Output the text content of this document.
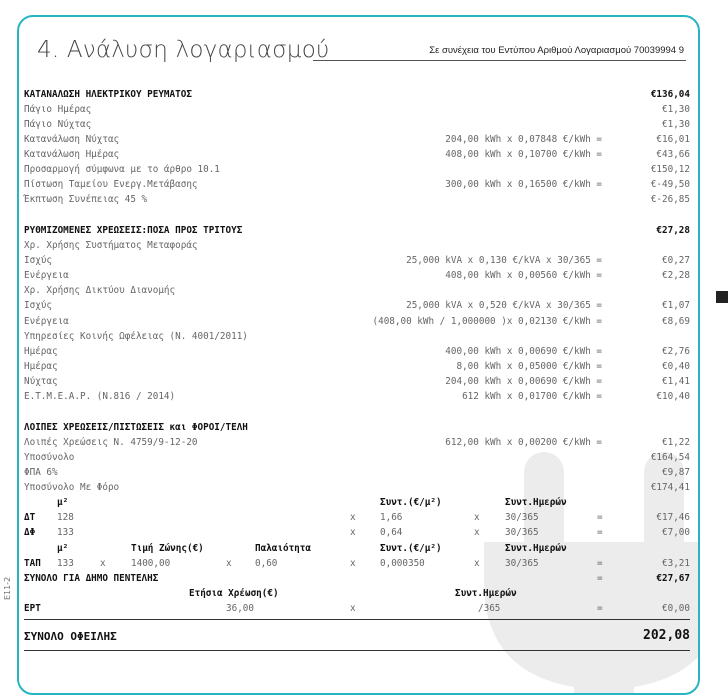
4. Ανάλυση λογαριασμού	Σε συνέχεια του Εντύπου Αριθμού Λογαριασμού 70039994 9
E11-2
ΚΑΤΑΝΑΛΩΣΗ ΗΛΕΚΤΡΙΚΟΥ ΡΕΥΜΑΤΟΣ	€136,04
Πάγιο Ημέρας	€1,30
Πάγιο Νύχτας	€1,30
Κατανάλωση Νύχτας	204,00 kWh x 0,07848 €/kWh =	€16,01
Κατανάλωση Ημέρας	408,00 kWh x 0,10700 €/kWh =	€43,66
Προσαρμογή σύμφωνα με το άρθρο 10.1	€150,12
Πίστωση Ταμείου Ενεργ.Μετάβασης	300,00 kWh x 0,16500 €/kWh =	€-49,50
Έκπτωση Συνέπειας 45 %	€-26,85
ΡΥΘΜΙΖΟΜΕΝΕΣ ΧΡΕΩΣΕΙΣ:ΠΟΣΑ ΠΡΟΣ ΤΡΙΤΟΥΣ	€27,28
Χρ. Χρήσης Συστήματος Μεταφοράς
Ισχύς	25,000 kVA x 0,130 €/kVA x 30/365 =	€0,27
Ενέργεια	408,00 kWh x 0,00560 €/kWh =	€2,28
Χρ. Χρήσης Δικτύου Διανομής
Ισχύς	25,000 kVA x 0,520 €/kVA x 30/365 =	€1,07
Ενέργεια	(408,00 kWh / 1,000000 )x 0,02130 €/kWh =	€8,69
Υπηρεσίες Κοινής Ωφέλειας (Ν. 4001/2011)
Ημέρας	400,00 kWh x 0,00690 €/kWh =	€2,76
Ημέρας	8,00 kWh x 0,05000 €/kWh =	€0,40
Νύχτας	204,00 kWh x 0,00690 €/kWh =	€1,41
Ε.Τ.Μ.Ε.Α.Ρ. (Ν.816 / 2014)	612 kWh x 0,01700 €/kWh =	€10,40
ΛΟΙΠΕΣ ΧΡΕΩΣΕΙΣ/ΠΙΣΤΩΣΕΙΣ και ΦΟΡΟΙ/ΤΕΛΗ
Λοιπές Χρεώσεις Ν. 4759/9-12-20	612,00 kWh x 0,00200 €/kWh =	€1,22
Υποσύνολο	€164,54
ΦΠΑ 6%	€9,87
Υποσύνολο Με Φόρο	€174,41
μ²	Συντ.(€/μ²)	Συντ.Ημερών
ΔΤ 128	x	1,66	x	30/365	=	€17,46
ΔΦ 133	x	0,64	x	30/365	=	€7,00
μ²	Τιμή Ζώνης(€)	Παλαιότητα	Συντ.(€/μ²)	Συντ.Ημερών
ΤΑΠ 133	x	1400,00	x	0,60	x	0,000350	x	30/365	=	€3,21
ΣΥΝΟΛΟ ΓΙΑ ΔΗΜΟ ΠΕΝΤΕΛΗΣ	=	€27,67
Ετήσια Χρέωση(€)	Συντ.Ημερών
ΕΡΤ	36,00	x	/365	=	€0,00
ΣΥΝΟΛΟ ΟΦΕΙΛΗΣ	202,08
